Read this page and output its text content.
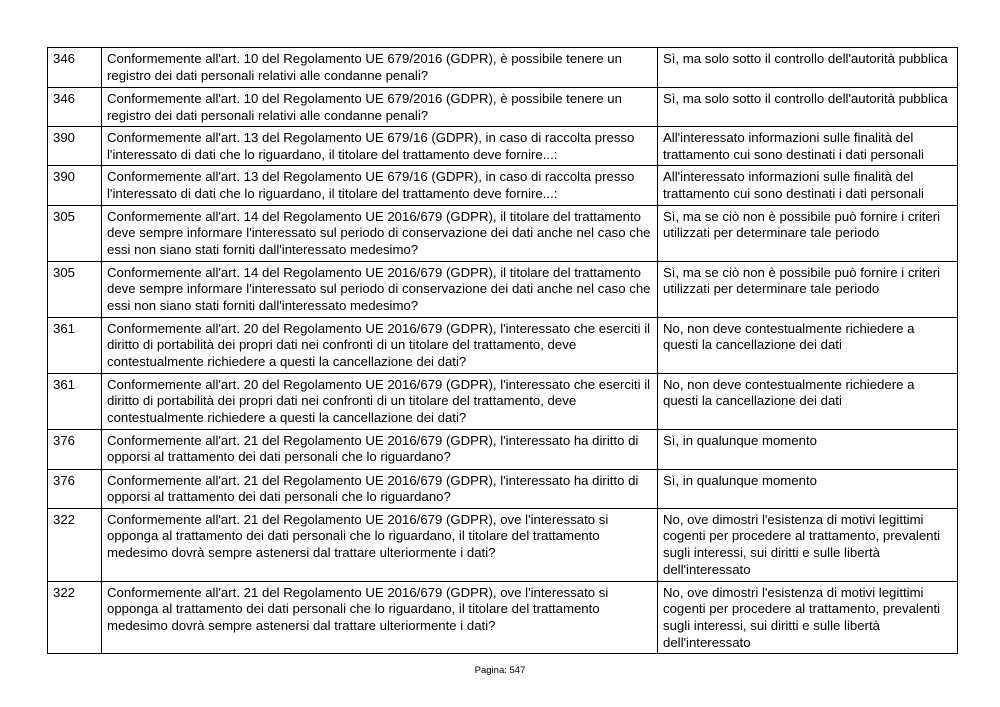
346	Conformemente all'art. 10 del Regolamento UE 679/2016 (GDPR), è possibile tenere un registro dei dati personali relativi alle condanne penali?	Sì, ma solo sotto il controllo dell'autorità pubblica
346	Conformemente all'art. 10 del Regolamento UE 679/2016 (GDPR), è possibile tenere un registro dei dati personali relativi alle condanne penali?	Sì, ma solo sotto il controllo dell'autorità pubblica
390	Conformemente all'art. 13 del Regolamento UE 679/16 (GDPR), in caso di raccolta presso l'interessato di dati che lo riguardano, il titolare del trattamento deve fornire...:	All'interessato informazioni sulle finalità del trattamento cui sono destinati i dati personali
390	Conformemente all'art. 13 del Regolamento UE 679/16 (GDPR), in caso di raccolta presso l'interessato di dati che lo riguardano, il titolare del trattamento deve fornire...:	All'interessato informazioni sulle finalità del trattamento cui sono destinati i dati personali
305	Conformemente all'art. 14 del Regolamento UE 2016/679 (GDPR), il titolare del trattamento deve sempre informare l'interessato sul periodo di conservazione dei dati anche nel caso che essi non siano stati forniti dall'interessato medesimo?	Sì, ma se ciò non è possibile può fornire i criteri utilizzati per determinare tale periodo
305	Conformemente all'art. 14 del Regolamento UE 2016/679 (GDPR), il titolare del trattamento deve sempre informare l'interessato sul periodo di conservazione dei dati anche nel caso che essi non siano stati forniti dall'interessato medesimo?	Sì, ma se ciò non è possibile può fornire i criteri utilizzati per determinare tale periodo
361	Conformemente all'art. 20 del Regolamento UE 2016/679 (GDPR), l'interessato che eserciti il diritto di portabilità dei propri dati nei confronti di un titolare del trattamento, deve contestualmente richiedere a questi la cancellazione dei dati?	No, non deve contestualmente richiedere a questi la cancellazione dei dati
361	Conformemente all'art. 20 del Regolamento UE 2016/679 (GDPR), l'interessato che eserciti il diritto di portabilità dei propri dati nei confronti di un titolare del trattamento, deve contestualmente richiedere a questi la cancellazione dei dati?	No, non deve contestualmente richiedere a questi la cancellazione dei dati
376	Conformemente all'art. 21 del Regolamento UE 2016/679 (GDPR), l'interessato ha diritto di opporsi al trattamento dei dati personali che lo riguardano?	Sì, in qualunque momento
376	Conformemente all'art. 21 del Regolamento UE 2016/679 (GDPR), l'interessato ha diritto di opporsi al trattamento dei dati personali che lo riguardano?	Sì, in qualunque momento
322	Conformemente all'art. 21 del Regolamento UE 2016/679 (GDPR), ove l'interessato si opponga al trattamento dei dati personali che lo riguardano, il titolare del trattamento medesimo dovrà sempre astenersi dal trattare ulteriormente i dati?	No, ove dimostri l'esistenza di motivi legittimi cogenti per procedere al trattamento, prevalenti sugli interessi, sui diritti e sulle libertà dell'interessato
322	Conformemente all'art. 21 del Regolamento UE 2016/679 (GDPR), ove l'interessato si opponga al trattamento dei dati personali che lo riguardano, il titolare del trattamento medesimo dovrà sempre astenersi dal trattare ulteriormente i dati?	No, ove dimostri l'esistenza di motivi legittimi cogenti per procedere al trattamento, prevalenti sugli interessi, sui diritti e sulle libertà dell'interessato
Pagina: 547
